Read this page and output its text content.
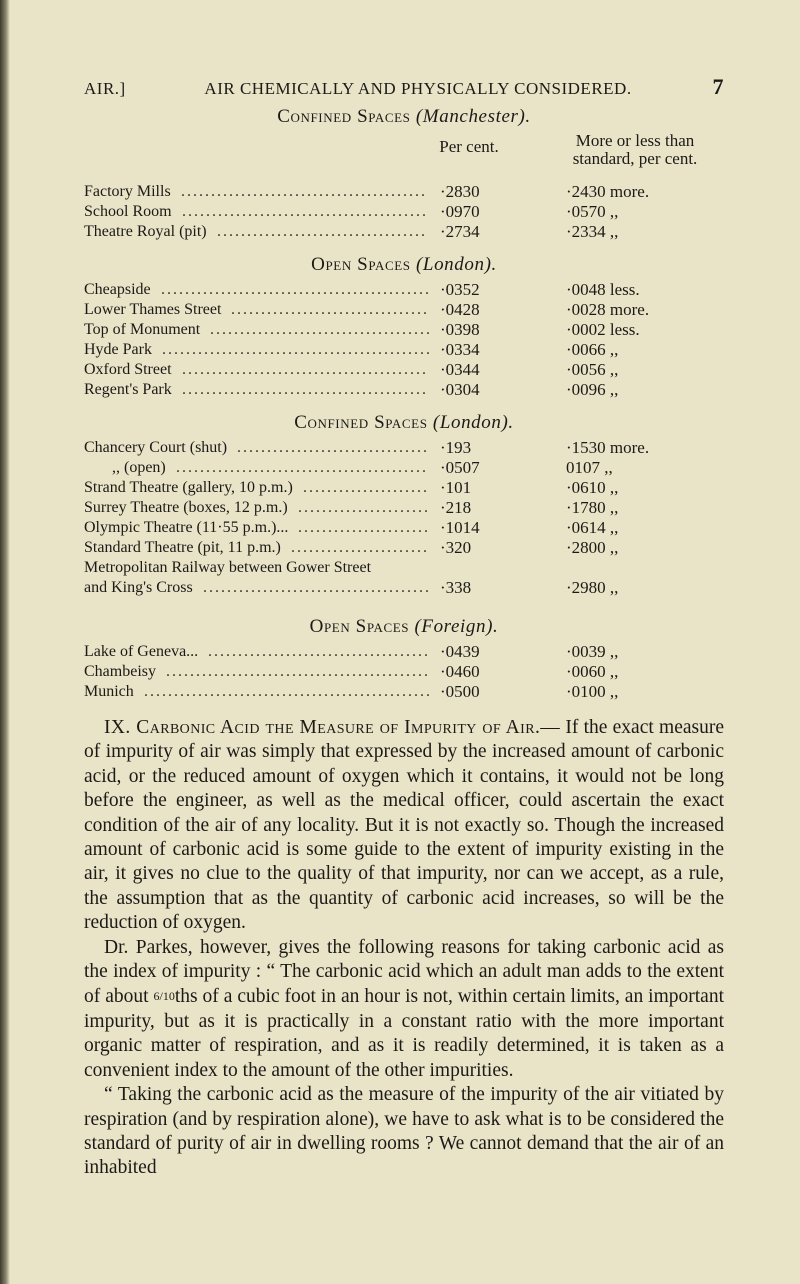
AIR.]	AIR CHEMICALLY AND PHYSICALLY CONSIDERED.	7
Confined Spaces (Manchester).
Per cent.	More or less than
standard, per cent.
Factory Mills ......................................... ·2830	·2430 more.
School Room ......................................... ·0970	·0570 ,,
Theatre Royal (pit) ................................... ·2734	·2334 ,,
Open Spaces (London).
Cheapside ............................................. ·0352	·0048 less.
Lower Thames Street ................................. ·0428	·0028 more.
Top of Monument ..................................... ·0398	·0002 less.
Hyde Park ............................................. ·0334	·0066 ,,
Oxford Street ......................................... ·0344	·0056 ,,
Regent's Park ......................................... ·0304	·0096 ,,
Confined Spaces (London).
Chancery Court (shut) ................................ ·193	·1530 more.
,, (open) .......................................... ·0507	0107 ,,
Strand Theatre (gallery, 10 p.m.) ..................... ·101	·0610 ,,
Surrey Theatre (boxes, 12 p.m.) ...................... ·218	·1780 ,,
Olympic Theatre (11·55 p.m.)... ...................... ·1014	·0614 ,,
Standard Theatre (pit, 11 p.m.) ....................... ·320	·2800 ,,
Metropolitan Railway between Gower Street
and King's Cross ...................................... ·338	·2980 ,,
Open Spaces (Foreign).
Lake of Geneva... ..................................... ·0439	·0039 ,,
Chambeisy ............................................ ·0460	·0060 ,,
Munich ................................................ ·0500	·0100 ,,

IX. Carbonic Acid the Measure of Impurity of Air.— If the exact measure of impurity of air was simply that expressed by the increased amount of carbonic acid, or the reduced amount of oxygen which it contains, it would not be long before the engineer, as well as the medical officer, could ascertain the exact condition of the air of any locality. But it is not exactly so. Though the increased amount of carbonic acid is some guide to the extent of impurity existing in the air, it gives no clue to the quality of that impurity, nor can we accept, as a rule, the assumption that as the quantity of carbonic acid increases, so will be the reduction of oxygen.

Dr. Parkes, however, gives the following reasons for taking carbonic acid as the index of impurity : “ The carbonic acid which an adult man adds to the extent of about 6/10ths of a cubic foot in an hour is not, within certain limits, an important impurity, but as it is practically in a constant ratio with the more important organic matter of respiration, and as it is readily determined, it is taken as a convenient index to the amount of the other impurities.

“ Taking the carbonic acid as the measure of the impurity of the air vitiated by respiration (and by respiration alone), we have to ask what is to be considered the standard of purity of air in dwelling rooms ? We cannot demand that the air of an inhabited
